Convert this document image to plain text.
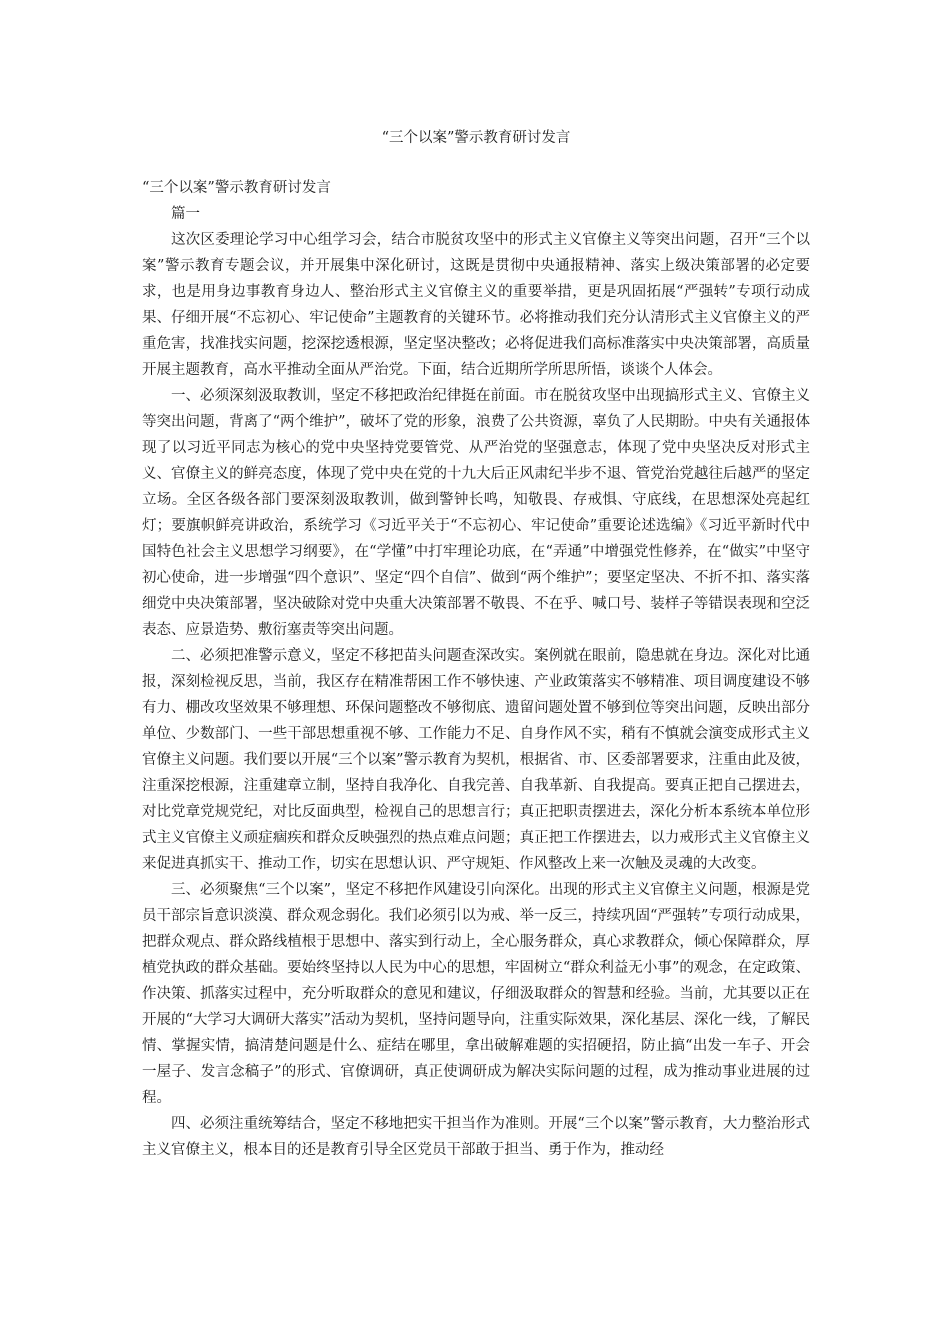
“三个以案”警示教育研讨发言

“三个以案”警示教育研讨发言

篇一

这次区委理论学习中心组学习会，结合市脱贫攻坚中的形式主义官僚主义等突出问题，召开“三个以案”警示教育专题会议，并开展集中深化研讨，这既是贯彻中央通报精神、落实上级决策部署的必定要求，也是用身边事教育身边人、整治形式主义官僚主义的重要举措，更是巩固拓展“严强转”专项行动成果、仔细开展“不忘初心、牢记使命”主题教育的关键环节。必将推动我们充分认清形式主义官僚主义的严重危害，找准找实问题，挖深挖透根源，坚定坚决整改；必将促进我们高标准落实中央决策部署，高质量开展主题教育，高水平推动全面从严治党。下面，结合近期所学所思所悟，谈谈个人体会。

一、必须深刻汲取教训，坚定不移把政治纪律挺在前面。市在脱贫攻坚中出现搞形式主义、官僚主义等突出问题，背离了“两个维护”，破坏了党的形象，浪费了公共资源，辜负了人民期盼。中央有关通报体现了以习近平同志为核心的党中央坚持党要管党、从严治党的坚强意志，体现了党中央坚决反对形式主义、官僚主义的鲜亮态度，体现了党中央在党的十九大后正风肃纪半步不退、管党治党越往后越严的坚定立场。全区各级各部门要深刻汲取教训，做到警钟长鸣，知敬畏、存戒惧、守底线，在思想深处亮起红灯；要旗帜鲜亮讲政治，系统学习《习近平关于“不忘初心、牢记使命”重要论述选编》《习近平新时代中国特色社会主义思想学习纲要》，在“学懂”中打牢理论功底，在“弄通”中增强党性修养，在“做实”中坚守初心使命，进一步增强“四个意识”、坚定“四个自信”、做到“两个维护”；要坚定坚决、不折不扣、落实落细党中央决策部署，坚决破除对党中央重大决策部署不敬畏、不在乎、喊口号、装样子等错误表现和空泛表态、应景造势、敷衍塞责等突出问题。

二、必须把准警示意义，坚定不移把苗头问题查深改实。案例就在眼前，隐患就在身边。深化对比通报，深刻检视反思，当前，我区存在精准帮困工作不够快速、产业政策落实不够精准、项目调度建设不够有力、棚改攻坚效果不够理想、环保问题整改不够彻底、遗留问题处置不够到位等突出问题，反映出部分单位、少数部门、一些干部思想重视不够、工作能力不足、自身作风不实，稍有不慎就会演变成形式主义官僚主义问题。我们要以开展“三个以案”警示教育为契机，根据省、市、区委部署要求，注重由此及彼，注重深挖根源，注重建章立制，坚持自我净化、自我完善、自我革新、自我提高。要真正把自己摆进去，对比党章党规党纪，对比反面典型，检视自己的思想言行；真正把职责摆进去，深化分析本系统本单位形式主义官僚主义顽症痼疾和群众反映强烈的热点难点问题；真正把工作摆进去，以力戒形式主义官僚主义来促进真抓实干、推动工作，切实在思想认识、严守规矩、作风整改上来一次触及灵魂的大改变。

三、必须聚焦“三个以案”，坚定不移把作风建设引向深化。出现的形式主义官僚主义问题，根源是党员干部宗旨意识淡漠、群众观念弱化。我们必须引以为戒、举一反三，持续巩固“严强转”专项行动成果，把群众观点、群众路线植根于思想中、落实到行动上，全心服务群众，真心求教群众，倾心保障群众，厚植党执政的群众基础。要始终坚持以人民为中心的思想，牢固树立“群众利益无小事”的观念，在定政策、作决策、抓落实过程中，充分听取群众的意见和建议，仔细汲取群众的智慧和经验。当前，尤其要以正在开展的“大学习大调研大落实”活动为契机，坚持问题导向，注重实际效果，深化基层、深化一线，了解民情、掌握实情，搞清楚问题是什么、症结在哪里，拿出破解难题的实招硬招，防止搞“出发一车子、开会一屋子、发言念稿子”的形式、官僚调研，真正使调研成为解决实际问题的过程，成为推动事业进展的过程。

四、必须注重统筹结合，坚定不移地把实干担当作为准则。开展“三个以案”警示教育，大力整治形式主义官僚主义，根本目的还是教育引导全区党员干部敢于担当、勇于作为，推动经
